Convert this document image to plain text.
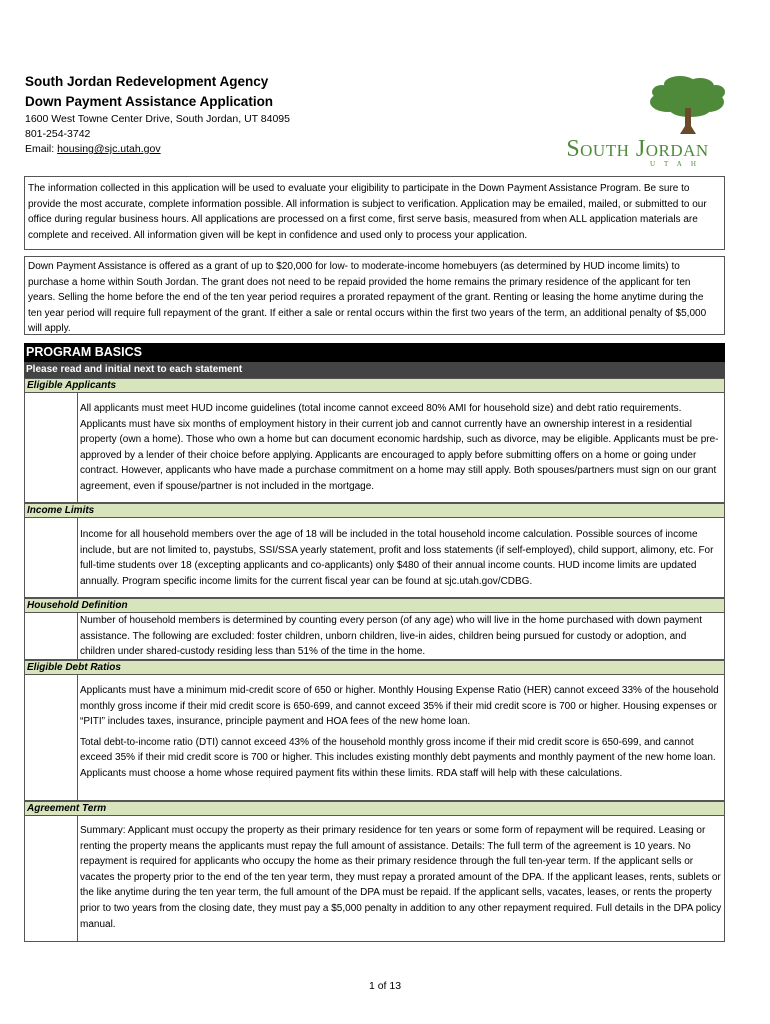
South Jordan Redevelopment Agency
Down Payment Assistance Application
1600 West Towne Center Drive, South Jordan, UT 84095
801-254-3742
Email: housing@sjc.utah.gov	South Jordan
UTAH
The information collected in this application will be used to evaluate your eligibility to participate in the Down Payment Assistance Program. Be sure to provide the most accurate, complete information possible. All information is subject to verification. Application may be emailed, mailed, or submitted to our office during regular business hours. All applications are processed on a first come, first serve basis, measured from when ALL application materials are complete and received. All information given will be kept in confidence and used only to process your application.
Down Payment Assistance is offered as a grant of up to $20,000 for low- to moderate-income homebuyers (as determined by HUD income limits) to purchase a home within South Jordan. The grant does not need to be repaid provided the home remains the primary residence of the applicant for ten years. Selling the home before the end of the ten year period requires a prorated repayment of the grant. Renting or leasing the home anytime during the ten year period will require full repayment of the grant. If either a sale or rental occurs within the first two years of the term, an additional penalty of $5,000 will apply.
PROGRAM BASICS
Please read and initial next to each statement
Eligible Applicants

All applicants must meet HUD income guidelines (total income cannot exceed 80% AMI for household size) and debt ratio requirements. Applicants must have six months of employment history in their current job and cannot currently have an ownership interest in a residential property (own a home). Those who own a home but can document economic hardship, such as divorce, may be eligible. Applicants must be pre-approved by a lender of their choice before applying. Applicants are encouraged to apply before submitting offers on a home or going under contract. However, applicants who have made a purchase commitment on a home may still apply. Both spouses/partners must sign on our grant agreement, even if spouse/partner is not included in the mortgage.

Income Limits

Income for all household members over the age of 18 will be included in the total household income calculation. Possible sources of income include, but are not limited to, paystubs, SSI/SSA yearly statement, profit and loss statements (if self-employed), child support, alimony, etc. For full-time students over 18 (excepting applicants and co-applicants) only $480 of their annual income counts. HUD income limits are updated annually. Program specific income limits for the current fiscal year can be found at sjc.utah.gov/CDBG.

Household Definition

Number of household members is determined by counting every person (of any age) who will live in the home purchased with down payment assistance. The following are excluded: foster children, unborn children, live-in aides, children being pursued for custody or adoption, and children under shared-custody residing less than 51% of the time in the home.

Eligible Debt Ratios

Applicants must have a minimum mid-credit score of 650 or higher. Monthly Housing Expense Ratio (HER) cannot exceed 33% of the household monthly gross income if their mid credit score is 650-699, and cannot exceed 35% if their mid credit score is 700 or higher. Housing expenses or “PITI” includes taxes, insurance, principle payment and HOA fees of the new home loan.

Total debt-to-income ratio (DTI) cannot exceed 43% of the household monthly gross income if their mid credit score is 650-699, and cannot exceed 35% if their mid credit score is 700 or higher. This includes existing monthly debt payments and monthly payment of the new home loan. Applicants must choose a home whose required payment fits within these limits. RDA staff will help with these calculations.

Agreement Term

Summary: Applicant must occupy the property as their primary residence for ten years or some form of repayment will be required. Leasing or renting the property means the applicants must repay the full amount of assistance. Details: The full term of the agreement is 10 years. No repayment is required for applicants who occupy the home as their primary residence through the full ten-year term. If the applicant sells or vacates the property prior to the end of the ten year term, they must repay a prorated amount of the DPA. If the applicant leases, rents, sublets or the like anytime during the ten year term, the full amount of the DPA must be repaid. If the applicant sells, vacates, leases, or rents the property prior to two years from the closing date, they must pay a $5,000 penalty in addition to any other repayment required. Full details in the DPA policy manual.

1 of 13
